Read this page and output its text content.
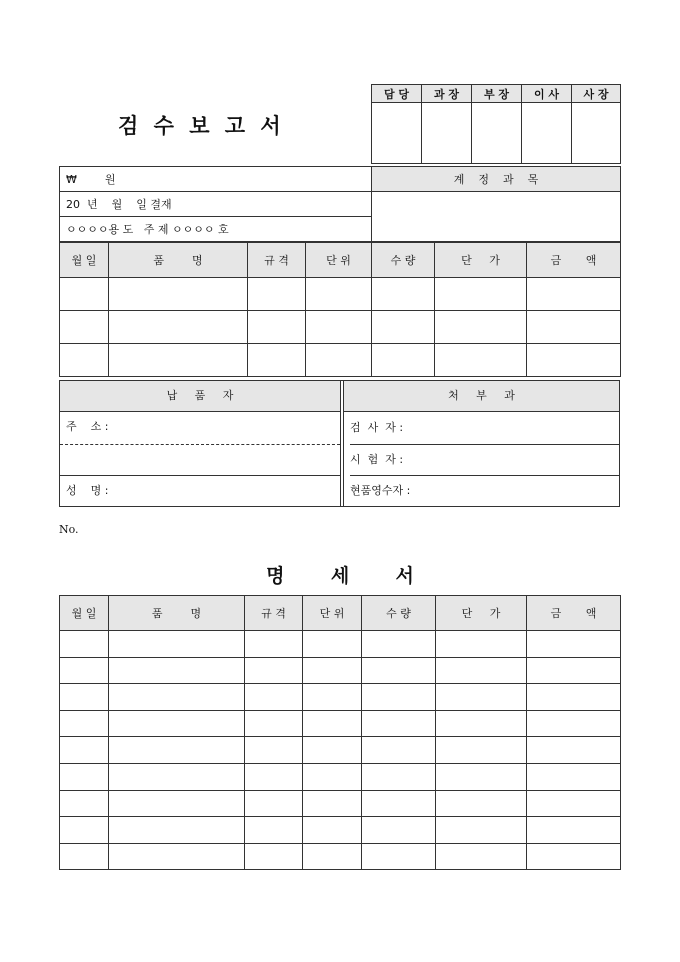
검 수 보 고 서
담 당	과 장	부 장	이 사	사 장

₩        원	계    정    과    목
20  년    월    일 결재	
ㅇㅇㅇㅇ용 도   주 제 ㅇㅇㅇㅇ 호	
월 일	품        명	규 격	단 위	수 량	단     가	금       액

납     품     자
주    소 :
성    명 :
처     부     과
검  사  자 :
시  험  자 :
현품영수자 :
No.
명       세       서
월 일	품        명	규 격	단 위	수 량	단     가	금       액
